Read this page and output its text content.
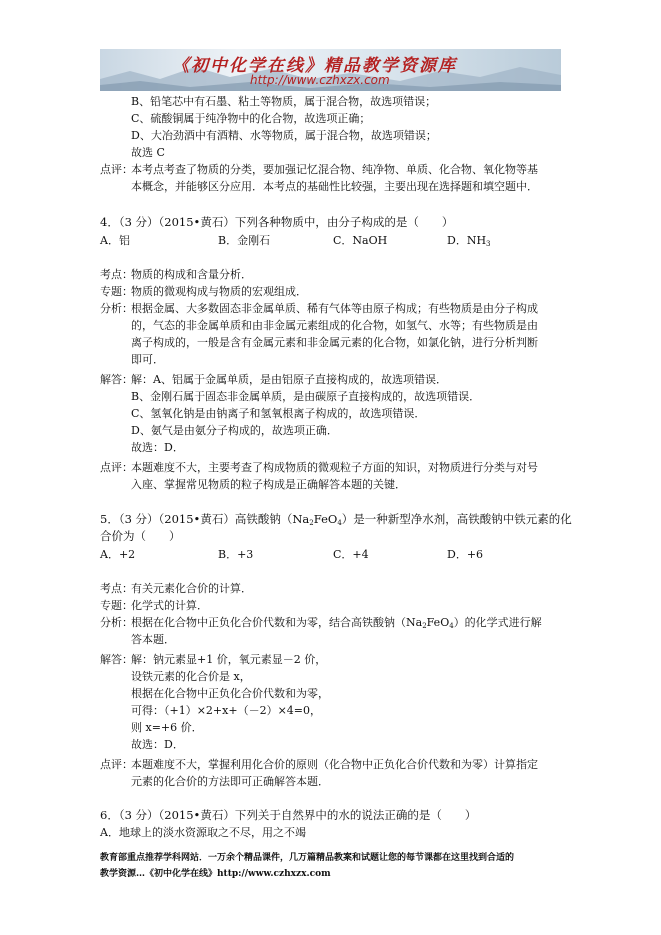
《初中化学在线》精品教学资源库
http://www.czhxzx.com
B、铅笔芯中有石墨、粘土等物质，属于混合物，故选项错误；
C、硫酸铜属于纯净物中的化合物，故选项正确；
D、大冶劲酒中有酒精、水等物质，属于混合物，故选项错误；
故选 C
点评：
本考点考查了物质的分类，要加强记忆混合物、纯净物、单质、化合物、氧化物等基
本概念，并能够区分应用．本考点的基础性比较强，主要出现在选择题和填空题中．
4．（3 分）（2015•黄石）下列各种物质中，由分子构成的是（　　）
A．铝	B．金刚石	C．NaOH	D．$NH_3$
考点：
物质的构成和含量分析．
专题：
物质的微观构成与物质的宏观组成．
分析：
根据金属、大多数固态非金属单质、稀有气体等由原子构成；有些物质是由分子构成
的，气态的非金属单质和由非金属元素组成的化合物，如氢气、水等；有些物质是由
离子构成的，一般是含有金属元素和非金属元素的化合物，如氯化钠，进行分析判断
即可．
解答：
解：A、铝属于金属单质，是由铝原子直接构成的，故选项错误．
B、金刚石属于固态非金属单质，是由碳原子直接构成的，故选项错误．
C、氢氧化钠是由钠离子和氢氧根离子构成的，故选项错误．
D、氨气是由氨分子构成的，故选项正确．
故选：D．
点评：
本题难度不大，主要考查了构成物质的微观粒子方面的知识，对物质进行分类与对号
入座、掌握常见物质的粒子构成是正确解答本题的关键．
5．（3 分）（2015•黄石）高铁酸钠$(Na_2FeO_4)$是一种新型净水剂，高铁酸钠中铁元素的化
合价为（　　）
A．+2	B．+3	C．+4	D．+6
考点：
有关元素化合价的计算．
专题：
化学式的计算．
分析：
根据在化合物中正负化合价代数和为零，结合高铁酸钠$(Na_2FeO_4)$的化学式进行解
答本题．
解答：
解：钠元素显+1 价，氧元素显－2 价，
设铁元素的化合价是 x，
根据在化合物中正负化合价代数和为零，
可得：（+1）×2+x+（－2）×4=0，
则 x=+6 价．
故选：D．
点评：
本题难度不大，掌握利用化合价的原则（化合物中正负化合价代数和为零）计算指定
元素的化合价的方法即可正确解答本题．
6．（3 分）（2015•黄石）下列关于自然界中的水的说法正确的是（　　）
A．地球上的淡水资源取之不尽，用之不竭
教育部重点推荐学科网站．一万余个精品课件，几万篇精品教案和试题让您的每节课都在这里找到合适的
教学资源…《初中化学在线》http://www.czhxzx.com
